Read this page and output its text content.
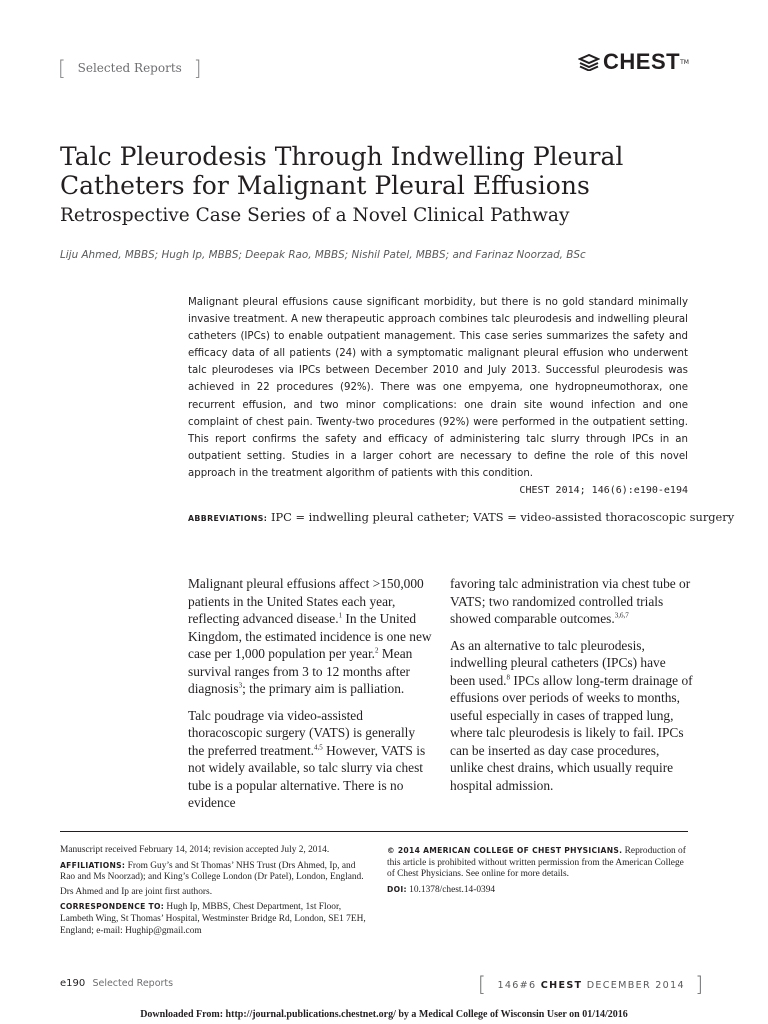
[ Selected Reports ]	CHEST TM
Talc Pleurodesis Through Indwelling Pleural Catheters for Malignant Pleural Effusions
Retrospective Case Series of a Novel Clinical Pathway
Liju Ahmed, MBBS; Hugh Ip, MBBS; Deepak Rao, MBBS; Nishil Patel, MBBS; and Farinaz Noorzad, BSc
Malignant pleural effusions cause significant morbidity, but there is no gold standard minimally invasive treatment. A new therapeutic approach combines talc pleurodesis and indwelling pleural catheters (IPCs) to enable outpatient management. This case series summarizes the safety and efficacy data of all patients (24) with a symptomatic malignant pleural effusion who underwent talc pleurodeses via IPCs between December 2010 and July 2013. Successful pleurodesis was achieved in 22 procedures (92%). There was one empyema, one hydropneumothorax, one recurrent effusion, and two minor complications: one drain site wound infection and one complaint of chest pain. Twenty-two procedures (92%) were performed in the outpatient setting. This report confirms the safety and efficacy of administering talc slurry through IPCs in an outpatient setting. Studies in a larger cohort are necessary to define the role of this novel approach in the treatment algorithm of patients with this condition.
CHEST 2014; 146(6):e190-e194
ABBREVIATIONS: IPC = indwelling pleural catheter; VATS = video-assisted thoracoscopic surgery

Malignant pleural effusions affect >150,000 patients in the United States each year, reflecting advanced disease.$^1$ In the United Kingdom, the estimated incidence is one new case per 1,000 population per year.$^2$ Mean survival ranges from 3 to 12 months after diagnosis$^3$; the primary aim is palliation.

Talc poudrage via video-assisted thoracoscopic surgery (VATS) is generally the preferred treatment.$^{4,5}$ However, VATS is not widely available, so talc slurry via chest tube is a popular alternative. There is no evidence

favoring talc administration via chest tube or VATS; two randomized controlled trials showed comparable outcomes.$^{3,6,7}$

As an alternative to talc pleurodesis, indwelling pleural catheters (IPCs) have been used.$^8$ IPCs allow long-term drainage of effusions over periods of weeks to months, useful especially in cases of trapped lung, where talc pleurodesis is likely to fail. IPCs can be inserted as day case procedures, unlike chest drains, which usually require hospital admission.

Manuscript received February 14, 2014; revision accepted July 2, 2014.

AFFILIATIONS: From Guy’s and St Thomas’ NHS Trust (Drs Ahmed, Ip, and Rao and Ms Noorzad); and King’s College London (Dr Patel), London, England.

Drs Ahmed and Ip are joint first authors.

CORRESPONDENCE TO: Hugh Ip, MBBS, Chest Department, 1st Floor, Lambeth Wing, St Thomas’ Hospital, Westminster Bridge Rd, London, SE1 7EH, England; e-mail: Hughip@gmail.com

© 2014 AMERICAN COLLEGE OF CHEST PHYSICIANS. Reproduction of this article is prohibited without written permission from the American College of Chest Physicians. See online for more details.

DOI: 10.1378/chest.14-0394

e190 Selected Reports	[ 146#6 CHEST DECEMBER 2014 ]
Downloaded From: http://journal.publications.chestnet.org/ by a Medical College of Wisconsin User on 01/14/2016
